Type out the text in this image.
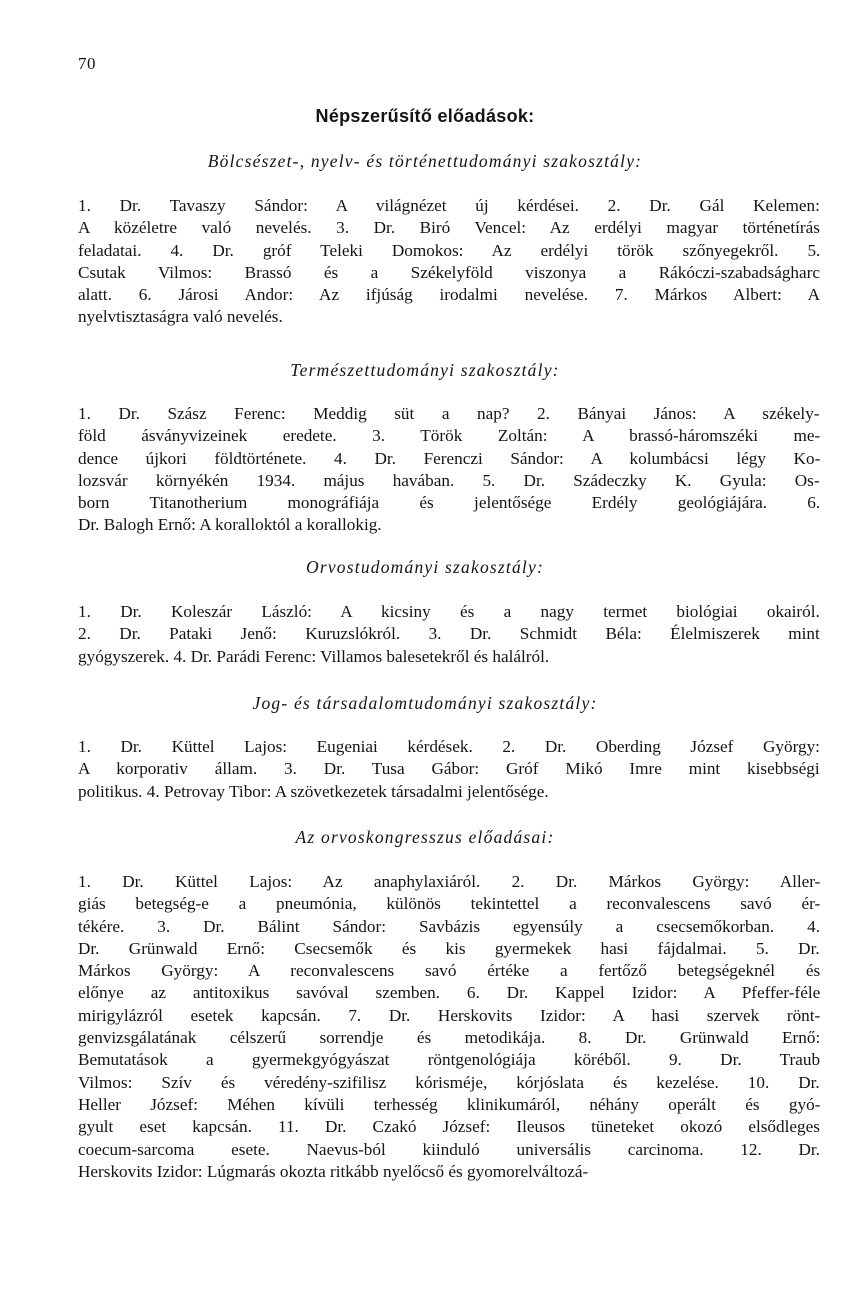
70
Népszerűsítő előadások:
Bölcsészet-, nyelv- és történettudományi szakosztály:
1. Dr. Tavaszy Sándor: A világnézet új kérdései. 2. Dr. Gál Kelemen:
A közéletre való nevelés. 3. Dr. Biró Vencel: Az erdélyi magyar történetírás
feladatai. 4. Dr. gróf Teleki Domokos: Az erdélyi török szőnyegekről. 5.
Csutak Vilmos: Brassó és a Székelyföld viszonya a Rákóczi-szabadságharc
alatt. 6. Járosi Andor: Az ifjúság irodalmi nevelése. 7. Márkos Albert: A
nyelvtisztaságra való nevelés.
Természettudományi szakosztály:
1. Dr. Szász Ferenc: Meddig süt a nap? 2. Bányai János: A székely-
föld ásványvizeinek eredete. 3. Török Zoltán: A brassó-háromszéki me-
dence újkori földtörténete. 4. Dr. Ferenczi Sándor: A kolumbácsi légy Ko-
lozsvár környékén 1934. május havában. 5. Dr. Szádeczky K. Gyula: Os-
born Titanotherium monográfiája és jelentősége Erdély geológiájára. 6.
Dr. Balogh Ernő: A koralloktól a korallokig.
Orvostudományi szakosztály:
1. Dr. Koleszár László: A kicsiny és a nagy termet biológiai okairól.
2. Dr. Pataki Jenő: Kuruzslókról. 3. Dr. Schmidt Béla: Élelmiszerek mint
gyógyszerek. 4. Dr. Parádi Ferenc: Villamos balesetekről és halálról.
Jog- és társadalomtudományi szakosztály:
1. Dr. Küttel Lajos: Eugeniai kérdések. 2. Dr. Oberding József György:
A korporativ állam. 3. Dr. Tusa Gábor: Gróf Mikó Imre mint kisebbségi
politikus. 4. Petrovay Tibor: A szövetkezetek társadalmi jelentősége.
Az orvoskongresszus előadásai:
1. Dr. Küttel Lajos: Az anaphylaxiáról. 2. Dr. Márkos György: Aller-
giás betegség-e a pneumónia, különös tekintettel a reconvalescens savó ér-
tékére. 3. Dr. Bálint Sándor: Savbázis egyensúly a csecsemőkorban. 4.
Dr. Grünwald Ernő: Csecsemők és kis gyermekek hasi fájdalmai. 5. Dr.
Márkos György: A reconvalescens savó értéke a fertőző betegségeknél és
előnye az antitoxikus savóval szemben. 6. Dr. Kappel Izidor: A Pfeffer-féle
mirigylázról esetek kapcsán. 7. Dr. Herskovits Izidor: A hasi szervek rönt-
genvizsgálatának célszerű sorrendje és metodikája. 8. Dr. Grünwald Ernő:
Bemutatások a gyermekgyógyászat röntgenológiája köréből. 9. Dr. Traub
Vilmos: Szív és véredény-szifilisz kórisméje, kórjóslata és kezelése. 10. Dr.
Heller József: Méhen kívüli terhesség klinikumáról, néhány operált és gyó-
gyult eset kapcsán. 11. Dr. Czakó József: Ileusos tüneteket okozó elsődleges
coecum-sarcoma esete. Naevus-ból kiinduló universális carcinoma. 12. Dr.
Herskovits Izidor: Lúgmarás okozta ritkább nyelőcső és gyomorelváltozá-
